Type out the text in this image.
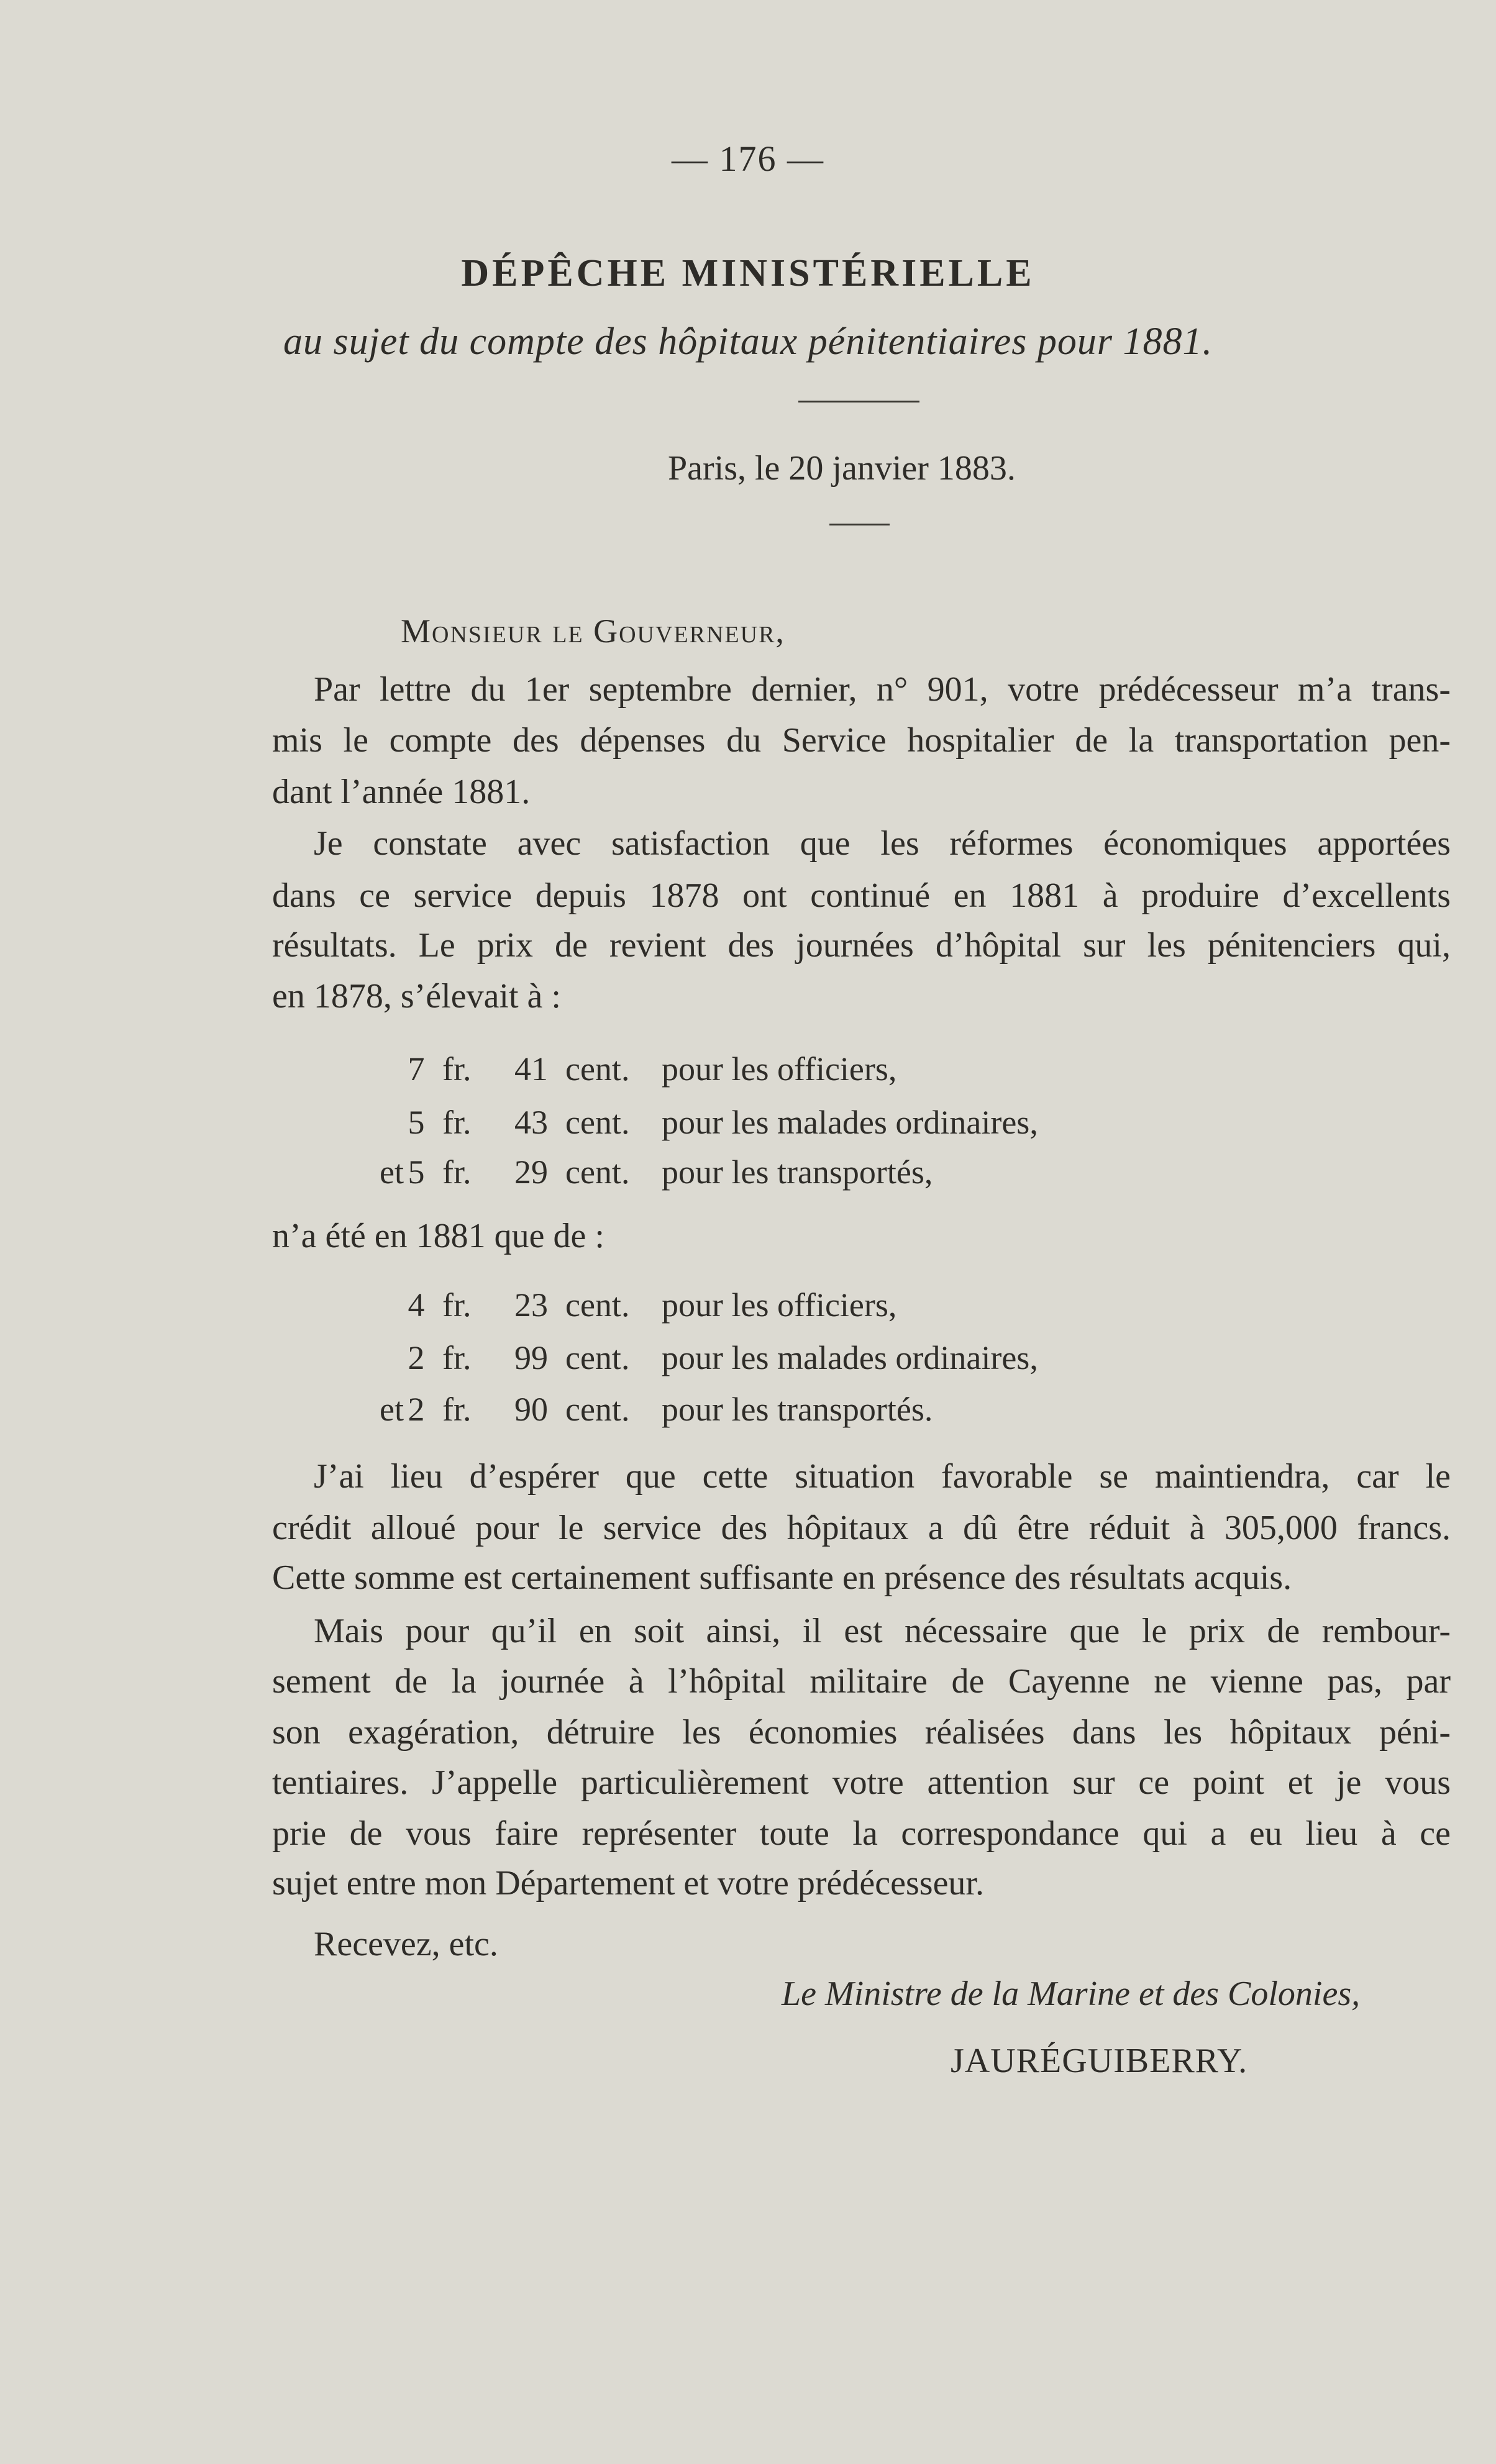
— 176 —
DÉPÊCHE MINISTÉRIELLE
au sujet du compte des hôpitaux pénitentiaires pour 1881.
Paris, le 20 janvier 1883.
Monsieur le Gouverneur,
Par lettre du 1er septembre dernier, n° 901, votre prédécesseur m’a trans-
mis le compte des dépenses du Service hospitalier de la transportation pen-
dant l’année 1881.
Je constate avec satisfaction que les réformes économiques apportées
dans ce service depuis 1878 ont continué en 1881 à produire d’excellents
résultats. Le prix de revient des journées d’hôpital sur les pénitenciers qui,
en 1878, s’élevait à :
7 fr.	41 cent. pour les officiers,
5 fr.	43 cent. pour les malades ordinaires,
et 5 fr.	29 cent. pour les transportés,
n’a été en 1881 que de :
4 fr.	23 cent. pour les officiers,
2 fr.	99 cent. pour les malades ordinaires,
et 2 fr.	90 cent. pour les transportés.
J’ai lieu d’espérer que cette situation favorable se maintiendra, car le
crédit alloué pour le service des hôpitaux a dû être réduit à 305,000 francs.
Cette somme est certainement suffisante en présence des résultats acquis.
Mais pour qu’il en soit ainsi, il est nécessaire que le prix de rembour-
sement de la journée à l’hôpital militaire de Cayenne ne vienne pas, par
son exagération, détruire les économies réalisées dans les hôpitaux péni-
tentiaires. J’appelle particulièrement votre attention sur ce point et je vous
prie de vous faire représenter toute la correspondance qui a eu lieu à ce
sujet entre mon Département et votre prédécesseur.
Recevez, etc.
Le Ministre de la Marine et des Colonies,
JAURÉGUIBERRY.
